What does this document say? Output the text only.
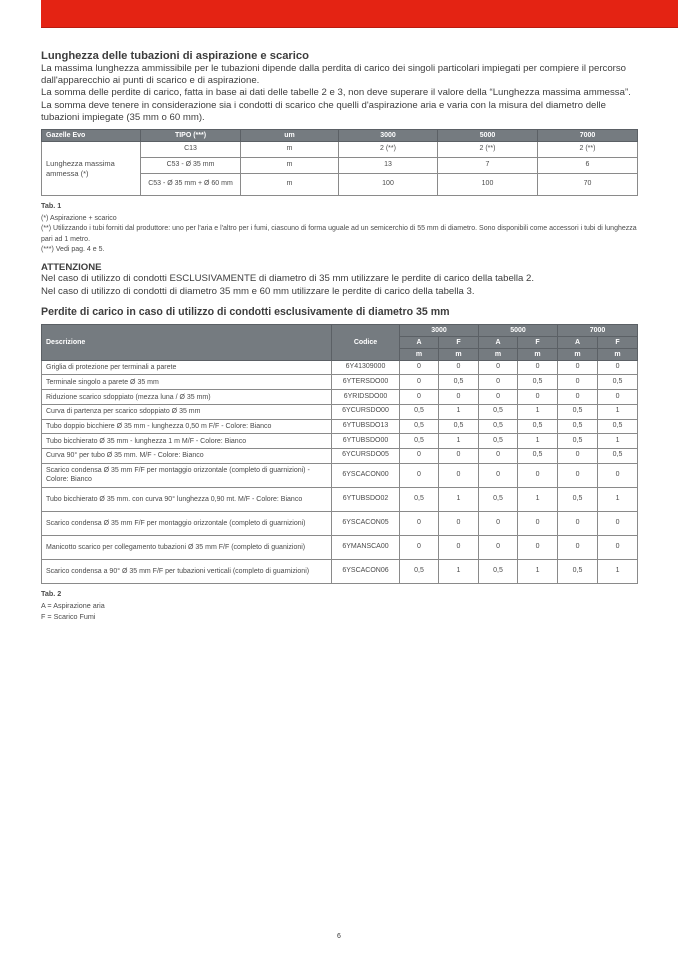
Lunghezza delle tubazioni di aspirazione e scarico

La massima lunghezza ammissibile per le tubazioni dipende dalla perdita di carico dei singoli particolari impiegati per compiere il percorso dall'apparecchio ai punti di scarico e di aspirazione.

La somma delle perdite di carico, fatta in base ai dati delle tabelle 2 e 3, non deve superare il valore della “Lunghezza massima ammessa”. La somma deve tenere in considerazione sia i condotti di scarico che quelli d'aspirazione aria e varia con la misura del diametro delle tubazioni impiegate (35 mm o 60 mm).

Gazelle Evo	TIPO (***)	um	3000	5000	7000
Lunghezza massima ammessa (*)	C13	m	2 (**)	2 (**)	2 (**)
	C53 - Ø 35 mm	m	13	7	6
	C53 - Ø 35 mm + Ø 60 mm	m	100	100	70
Tab. 1
(*) Aspirazione + scarico
(**) Utilizzando i tubi forniti dal produttore: uno per l'aria e l'altro per i fumi, ciascuno di forma uguale ad un semicerchio di 55 mm di diametro. Sono disponibili come accessori i tubi di lunghezza pari ad 1 metro.
(***) Vedi pag. 4 e 5.
ATTENZIONE
Nel caso di utilizzo di condotti ESCLUSIVAMENTE di diametro di 35 mm utilizzare le perdite di carico della tabella 2.
Nel caso di utilizzo di condotti di diametro 35 mm e 60 mm utilizzare le perdite di carico della tabella 3.
Perdite di carico in caso di utilizzo di condotti esclusivamente di diametro 35 mm
Descrizione	Codice	3000		5000		7000	
		A	F	A	F	A	F
		m	m	m	m	m	m
Griglia di protezione per terminali a parete	6Y41309000	0	0	0	0	0	0
Terminale singolo a parete Ø 35 mm	6YTERSDO00	0	0,5	0	0,5	0	0,5
Riduzione scarico sdoppiato (mezza luna / Ø 35 mm)	6YRIDSDO00	0	0	0	0	0	0
Curva di partenza per scarico sdoppiato Ø 35 mm	6YCURSDO00	0,5	1	0,5	1	0,5	1
Tubo doppio bicchiere Ø 35 mm - lunghezza 0,50 m F/F - Colore: Bianco	6YTUBSDO13	0,5	0,5	0,5	0,5	0,5	0,5
Tubo bicchierato Ø 35 mm - lunghezza 1 m M/F - Colore: Bianco	6YTUBSDO00	0,5	1	0,5	1	0,5	1
Curva 90° per tubo Ø 35 mm. M/F - Colore: Bianco	6YCURSDO05	0	0	0	0,5	0	0,5
Scarico condensa Ø 35 mm F/F per montaggio orizzontale (completo di guarnizioni) - Colore: Bianco	6YSCACON00	0	0	0	0	0	0
Tubo bicchierato Ø 35 mm. con curva 90° lunghezza 0,90 mt. M/F - Colore: Bianco	6YTUBSDO02	0,5	1	0,5	1	0,5	1
Scarico condensa Ø 35 mm F/F per montaggio orizzontale (completo di guarnizioni)	6YSCACON05	0	0	0	0	0	0
Manicotto scarico per collegamento tubazioni Ø 35 mm F/F (completo di guanizioni)	6YMANSCA00	0	0	0	0	0	0
Scarico condensa a 90° Ø 35 mm F/F per tubazioni verticali (completo di guarnizioni)	6YSCACON06	0,5	1	0,5	1	0,5	1
Tab. 2
A = Aspirazione aria
F = Scarico Fumi
6
